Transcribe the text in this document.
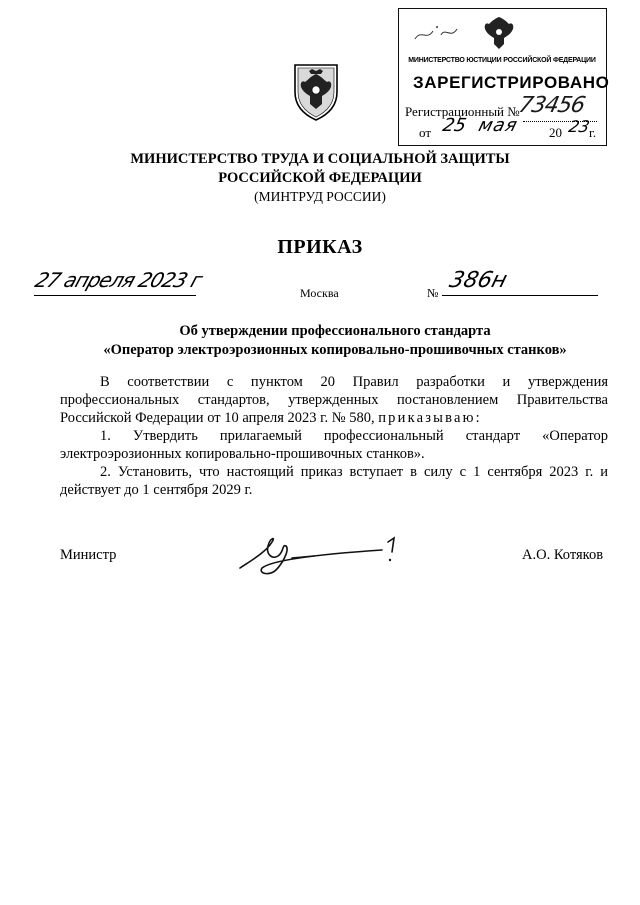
МИНИСТЕРСТВО ЮСТИЦИИ РОССИЙСКОЙ ФЕДЕРАЦИИ
ЗАРЕГИСТРИРОВАНО
Регистрационный №
73456
от 25 мая 20 23
г.
МИНИСТЕРСТВО ТРУДА И СОЦИАЛЬНОЙ ЗАЩИТЫ
РОССИЙСКОЙ ФЕДЕРАЦИИ
(МИНТРУД РОССИИ)
ПРИКАЗ
27 апреля 2023 г
Москва	№ 386н
Об утверждении профессионального стандарта
«Оператор электроэрозионных копировально-прошивочных станков»
В соответствии с пунктом 20 Правил разработки и утверждения профессиональных стандартов, утвержденных постановлением Правительства Российской Федерации от 10 апреля 2023 г. № 580, приказываю:
1. Утвердить прилагаемый профессиональный стандарт «Оператор электроэрозионных копировально-прошивочных станков».
2. Установить, что настоящий приказ вступает в силу с 1 сентября 2023 г. и действует до 1 сентября 2029 г.
Министр	А.О. Котяков
